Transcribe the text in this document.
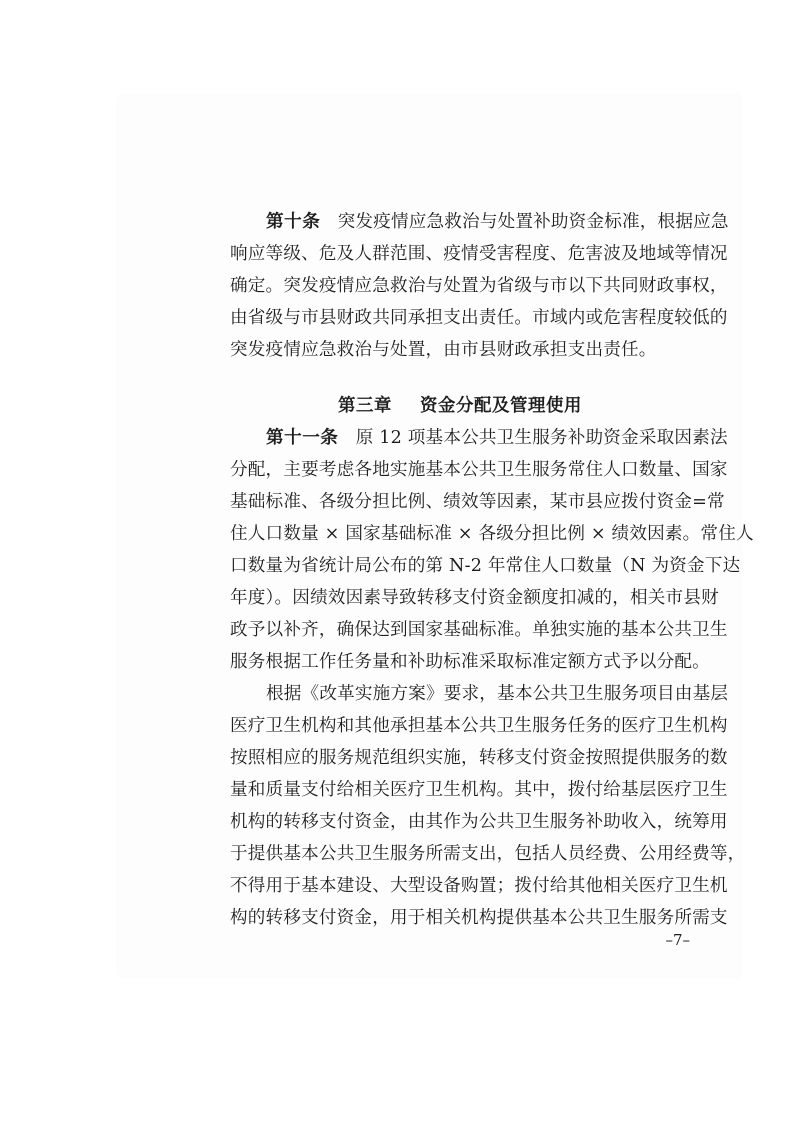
第十条 突发疫情应急救治与处置补助资金标准，根据应急
响应等级、危及人群范围、疫情受害程度、危害波及地域等情况
确定。突发疫情应急救治与处置为省级与市以下共同财政事权，
由省级与市县财政共同承担支出责任。市域内或危害程度较低的
突发疫情应急救治与处置，由市县财政承担支出责任。
第三章 资金分配及管理使用
第十一条 原 12 项基本公共卫生服务补助资金采取因素法
分配，主要考虑各地实施基本公共卫生服务常住人口数量、国家
基础标准、各级分担比例、绩效等因素，某市县应拨付资金=常
住人口数量 × 国家基础标准 × 各级分担比例 × 绩效因素。常住人
口数量为省统计局公布的第 N-2 年常住人口数量（N 为资金下达
年度）。因绩效因素导致转移支付资金额度扣减的，相关市县财
政予以补齐，确保达到国家基础标准。单独实施的基本公共卫生
服务根据工作任务量和补助标准采取标准定额方式予以分配。
根据《改革实施方案》要求，基本公共卫生服务项目由基层
医疗卫生机构和其他承担基本公共卫生服务任务的医疗卫生机构
按照相应的服务规范组织实施，转移支付资金按照提供服务的数
量和质量支付给相关医疗卫生机构。其中，拨付给基层医疗卫生
机构的转移支付资金，由其作为公共卫生服务补助收入，统筹用
于提供基本公共卫生服务所需支出，包括人员经费、公用经费等，
不得用于基本建设、大型设备购置；拨付给其他相关医疗卫生机
构的转移支付资金，用于相关机构提供基本公共卫生服务所需支
–7–
